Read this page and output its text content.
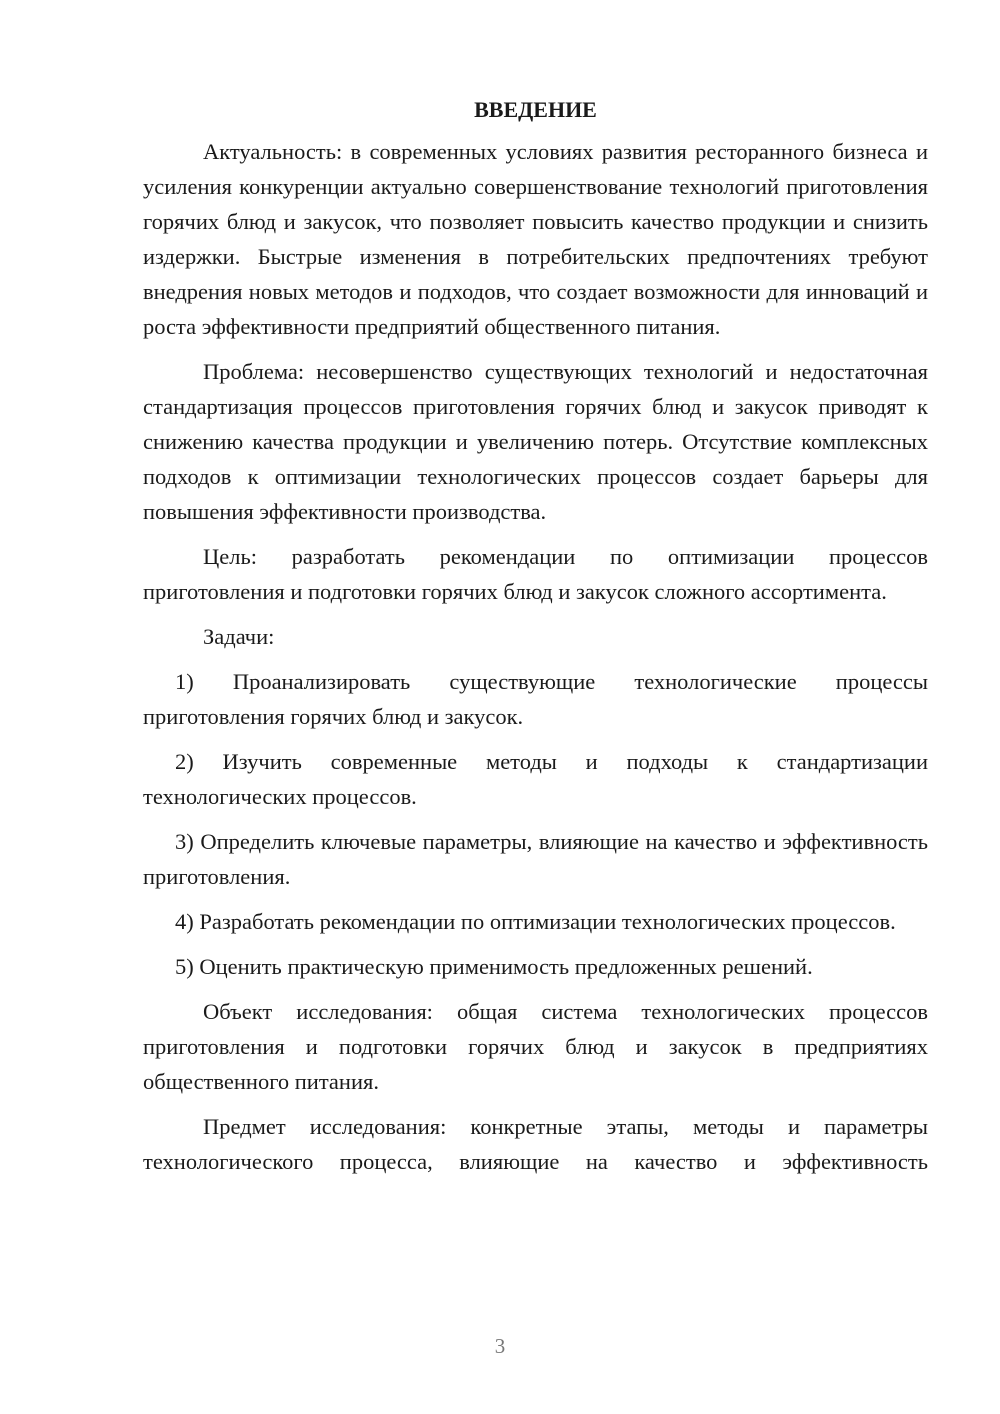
ВВЕДЕНИЕ

Актуальность: в современных условиях развития ресторанного бизнеса и усиления конкуренции актуально совершенствование технологий приготовления горячих блюд и закусок, что позволяет повысить качество продукции и снизить издержки. Быстрые изменения в потребительских предпочтениях требуют внедрения новых методов и подходов, что создает возможности для инноваций и роста эффективности предприятий общественного питания.

Проблема: несовершенство существующих технологий и недостаточная стандартизация процессов приготовления горячих блюд и закусок приводят к снижению качества продукции и увеличению потерь. Отсутствие комплексных подходов к оптимизации технологических процессов создает барьеры для повышения эффективности производства.

Цель: разработать рекомендации по оптимизации процессов приготовления и подготовки горячих блюд и закусок сложного ассортимента.

Задачи:

1) Проанализировать существующие технологические процессы приготовления горячих блюд и закусок.

2) Изучить современные методы и подходы к стандартизации технологических процессов.

3) Определить ключевые параметры, влияющие на качество и эффективность приготовления.

4) Разработать рекомендации по оптимизации технологических процессов.

5) Оценить практическую применимость предложенных решений.

Объект исследования: общая система технологических процессов приготовления и подготовки горячих блюд и закусок в предприятиях общественного питания.

Предмет исследования: конкретные этапы, методы и параметры технологического процесса, влияющие на качество и эффективность

3
